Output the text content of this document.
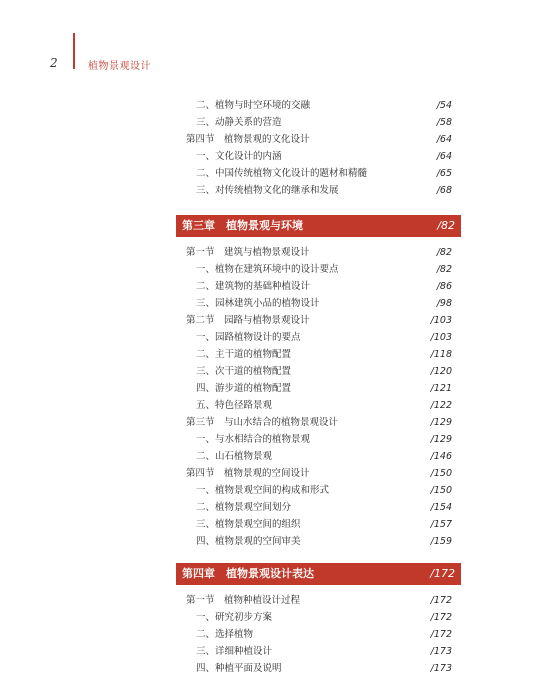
2	植物景观设计
二、植物与时空环境的交融	/54
三、动静关系的营造	/58
第四节　植物景观的文化设计	/64
一、文化设计的内涵	/64
二、中国传统植物文化设计的题材和精髓	/65
三、对传统植物文化的继承和发展	/68
第三章　植物景观与环境	/82
第一节　建筑与植物景观设计	/82
一、植物在建筑环境中的设计要点	/82
二、建筑物的基础种植设计	/86
三、园林建筑小品的植物设计	/98
第二节　园路与植物景观设计	/103
一、园路植物设计的要点	/103
二、主干道的植物配置	/118
三、次干道的植物配置	/120
四、游步道的植物配置	/121
五、特色径路景观	/122
第三节　与山水结合的植物景观设计	/129
一、与水相结合的植物景观	/129
二、山石植物景观	/146
第四节　植物景观的空间设计	/150
一、植物景观空间的构成和形式	/150
二、植物景观空间划分	/154
三、植物景观空间的组织	/157
四、植物景观的空间审美	/159
第四章　植物景观设计表达	/172
第一节　植物种植设计过程	/172
一、研究初步方案	/172
二、选择植物	/172
三、详细种植设计	/173
四、种植平面及说明	/173
